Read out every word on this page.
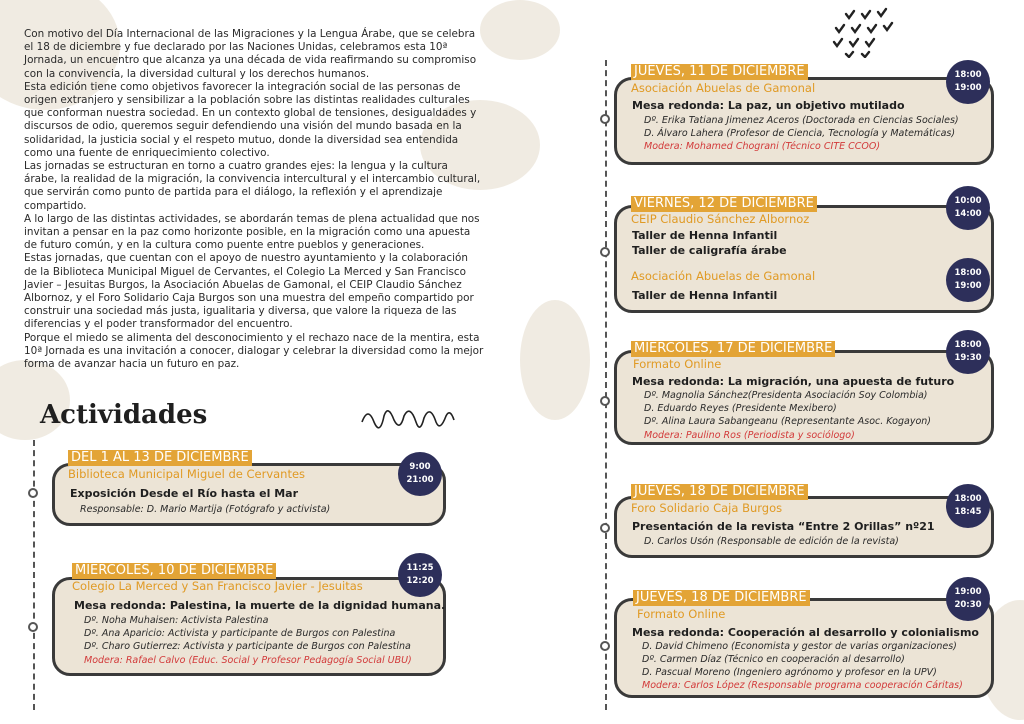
Con motivo del Día Internacional de las Migraciones y la Lengua Árabe, que se celebra el 18 de diciembre y fue declarado por las Naciones Unidas, celebramos esta 10ª Jornada, un encuentro que alcanza ya una década de vida reafirmando su compromiso con la convivencia, la diversidad cultural y los derechos humanos.

Esta edición tiene como objetivos favorecer la integración social de las personas de origen extranjero y sensibilizar a la población sobre las distintas realidades culturales que conforman nuestra sociedad. En un contexto global de tensiones, desigualdades y discursos de odio, queremos seguir defendiendo una visión del mundo basada en la solidaridad, la justicia social y el respeto mutuo, donde la diversidad sea entendida como una fuente de enriquecimiento colectivo.

Las jornadas se estructuran en torno a cuatro grandes ejes: la lengua y la cultura árabe, la realidad de la migración, la convivencia intercultural y el intercambio cultural, que servirán como punto de partida para el diálogo, la reflexión y el aprendizaje compartido.

A lo largo de las distintas actividades, se abordarán temas de plena actualidad que nos invitan a pensar en la paz como horizonte posible, en la migración como una apuesta de futuro común, y en la cultura como puente entre pueblos y generaciones.

Estas jornadas, que cuentan con el apoyo de nuestro ayuntamiento y la colaboración de la Biblioteca Municipal Miguel de Cervantes, el Colegio La Merced y San Francisco Javier – Jesuitas Burgos, la Asociación Abuelas de Gamonal, el CEIP Claudio Sánchez Albornoz, y el Foro Solidario Caja Burgos son una muestra del empeño compartido por construir una sociedad más justa, igualitaria y diversa, que valore la riqueza de las diferencias y el poder transformador del encuentro.

Porque el miedo se alimenta del desconocimiento y el rechazo nace de la mentira, esta 10ª Jornada es una invitación a conocer, dialogar y celebrar la diversidad como la mejor forma de avanzar hacia un futuro en paz.

Actividades
DEL 1 AL 13 DE DICIEMBRE
9:00
21:00
Biblioteca Municipal Miguel de Cervantes
Exposición Desde el Río hasta el Mar
Responsable: D. Mario Martija (Fotógrafo y activista)
MIERCOLES, 10 DE DICIEMBRE	11:25
12:20
Colegio La Merced y San Francisco Javier - Jesuitas
Mesa redonda: Palestina, la muerte de la dignidad humana.
Dº. Noha Muhaisen: Activista Palestina
Dº. Ana Aparicio: Activista y participante de Burgos con Palestina
Dº. Charo Gutierrez: Activista y participante de Burgos con Palestina
Modera: Rafael Calvo (Educ. Social y Profesor Pedagogía Social UBU)
JUEVES, 11 DE DICIEMBRE	18:00
19:00
Asociación Abuelas de Gamonal
Mesa redonda: La paz, un objetivo mutilado
Dº. Erika Tatiana Jimenez Aceros (Doctorada en Ciencias Sociales)
D. Álvaro Lahera (Profesor de Ciencia, Tecnología y Matemáticas)
Modera: Mohamed Chograni (Técnico CITE CCOO)
VIERNES, 12 DE DICIEMBRE	10:00
14:00
CEIP Claudio Sánchez Albornoz
Taller de Henna Infantil
Taller de caligrafía árabe
18:00
19:00
Asociación Abuelas de Gamonal
Taller de Henna Infantil
MIERCOLES, 17 DE DICIEMBRE	18:00
19:30
Formato Online
Mesa redonda: La migración, una apuesta de futuro
Dº. Magnolia Sánchez(Presidenta Asociación Soy Colombia)
D. Eduardo Reyes (Presidente Mexibero)
Dº. Alina Laura Sabangeanu (Representante Asoc. Kogayon)
Modera: Paulino Ros (Periodista y sociólogo)
JUEVES, 18 DE DICIEMBRE	18:00
18:45
Foro Solidario Caja Burgos
Presentación de la revista “Entre 2 Orillas” nº21
D. Carlos Usón (Responsable de edición de la revista)
JUEVES, 18 DE DICIEMBRE	19:00
20:30
Formato Online
Mesa redonda: Cooperación al desarrollo y colonialismo
D. David Chimeno (Economista y gestor de varias organizaciones)
Dº. Carmen Díaz (Técnico en cooperación al desarrollo)
D. Pascual Moreno (Ingeniero agrónomo y profesor en la UPV)
Modera: Carlos López (Responsable programa cooperación Cáritas)
